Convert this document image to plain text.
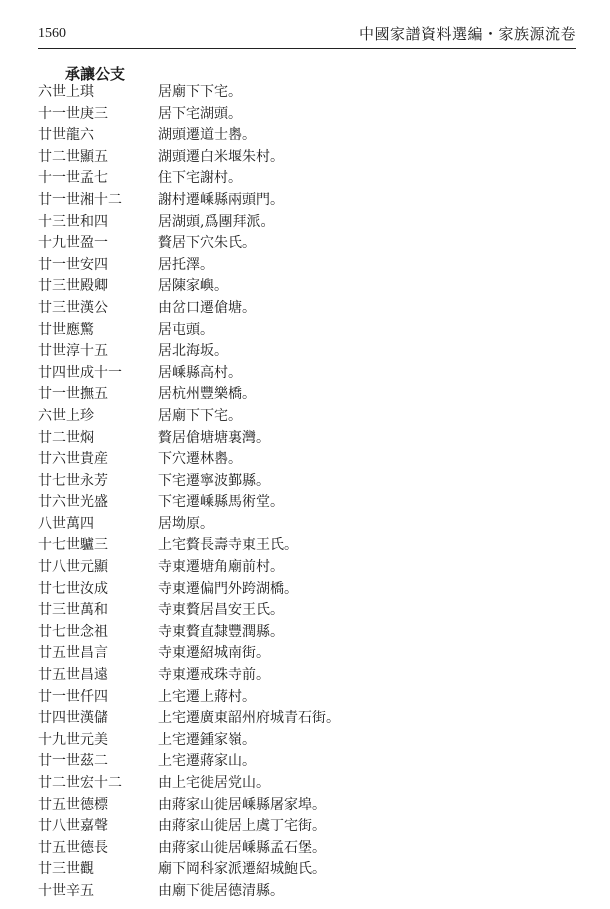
1560	中國家譜資料選編・家族源流卷
承讓公支
六世上琪	居廟下下宅。
十一世庚三	居下宅湖頭。
廿世龍六	湖頭遷道士嶴。
廿二世顯五	湖頭遷白米堰朱村。
十一世孟七	住下宅謝村。
廿一世湘十二	謝村遷嵊縣兩頭門。
十三世和四	居湖頭,爲團拜派。
十九世盈一	贅居下穴朱氏。
廿一世安四	居托澤。
廿三世殿卿	居陳家嶼。
廿三世漢公	由岔口遷傖塘。
廿世應驚	居屯頭。
廿世淳十五	居北海坂。
廿四世成十一	居嵊縣高村。
廿一世撫五	居杭州豐樂橋。
六世上珍	居廟下下宅。
廿二世焖	贅居傖塘塘裏灣。
廿六世貴産	下穴遷林嶴。
廿七世永芳	下宅遷寧波鄞縣。
廿六世光盛	下宅遷嵊縣馬術堂。
八世萬四	居坳原。
十七世驢三	上宅贅長壽寺東王氏。
廿八世元顯	寺東遷塘角廟前村。
廿七世汝成	寺東遷偏門外跨湖橋。
廿三世萬和	寺東贅居昌安王氏。
廿七世念祖	寺東贅直隸豐潤縣。
廿五世昌言	寺東遷紹城南街。
廿五世昌遠	寺東遷戒珠寺前。
廿一世仟四	上宅遷上蔣村。
廿四世漢儲	上宅遷廣東韶州府城青石街。
十九世元美	上宅遷鍾家嶺。
廿一世茲二	上宅遷蔣家山。
廿二世宏十二	由上宅徙居党山。
廿五世德標	由蔣家山徙居嵊縣屠家埠。
廿八世嘉聲	由蔣家山徙居上虞丁宅街。
廿五世德長	由蔣家山徙居嵊縣孟石堡。
廿三世觀	廟下岡科家派遷紹城鮑氏。
十世辛五	由廟下徙居德清縣。
